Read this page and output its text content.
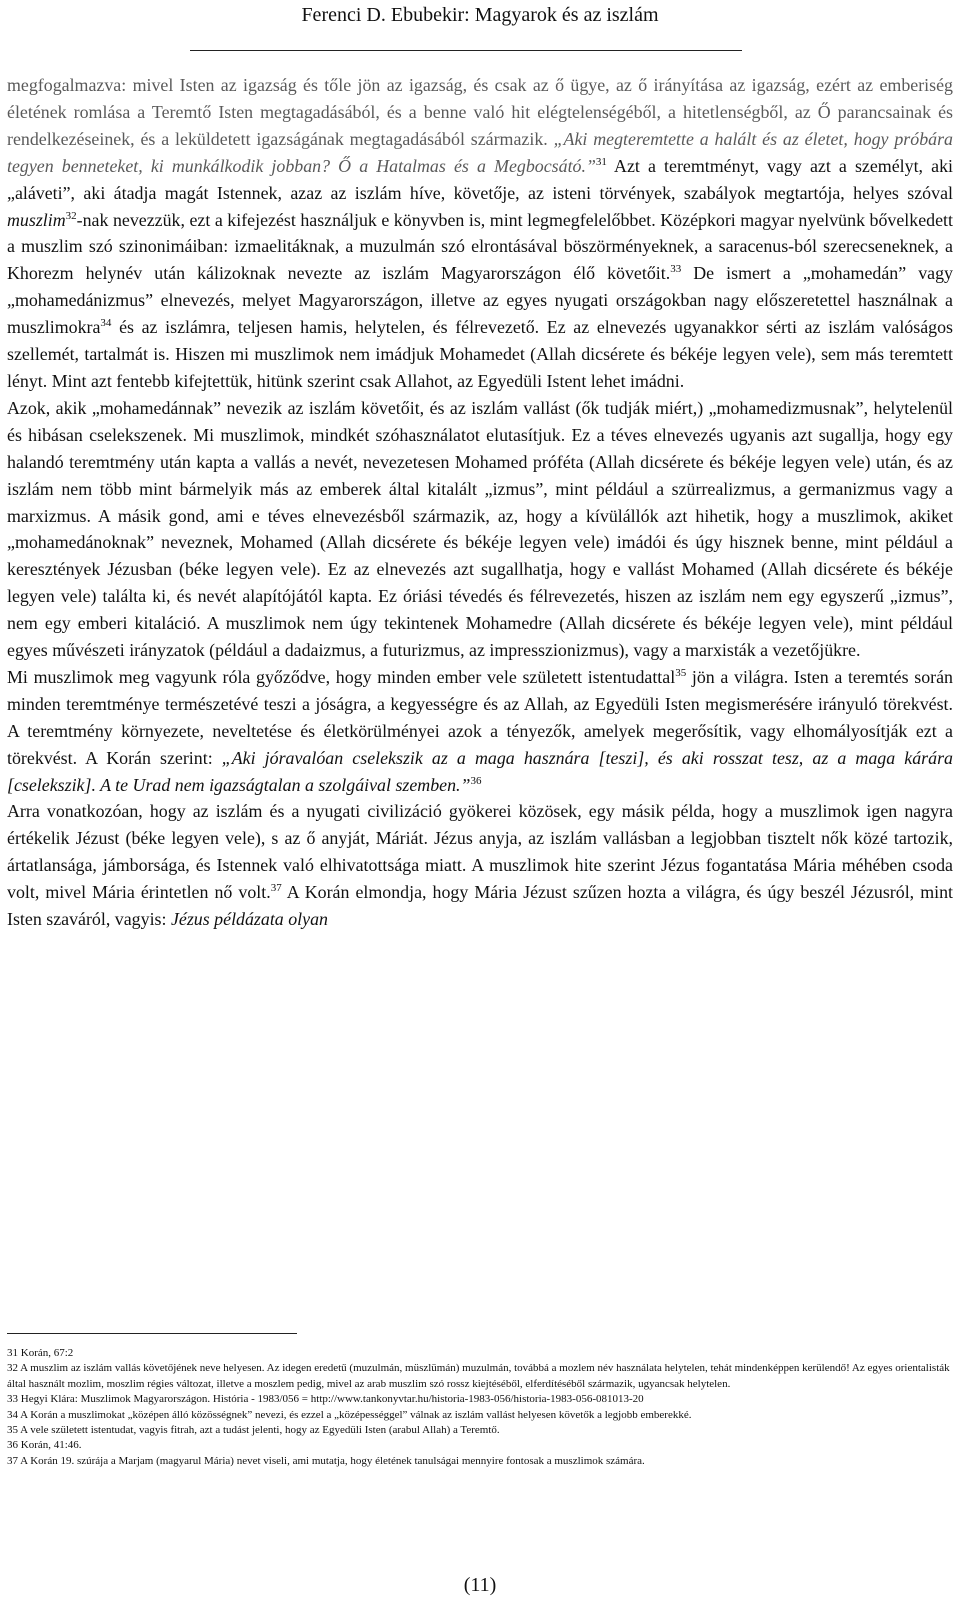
Ferenci D. Ebubekir: Magyarok és az iszlám

megfogalmazva: mivel Isten az igazság és tőle jön az igazság, és csak az ő ügye, az ő irányítása az igazság, ezért az emberiség életének romlása a Teremtő Isten megtagadásából, és a benne való hit elégtelenségéből, a hitetlenségből, az Ő parancsainak és rendelkezéseinek, és a leküldetett igazságának megtagadásából származik. „Aki megteremtette a halált és az életet, hogy próbára tegyen benneteket, ki munkálkodik jobban? Ő a Hatalmas és a Megbocsátó.”$^{31}$ Azt a teremtményt, vagy azt a személyt, aki „aláveti”, aki átadja magát Istennek, azaz az iszlám híve, követője, az isteni törvények, szabályok megtartója, helyes szóval muszlim$^{32}$-nak nevezzük, ezt a kifejezést használjuk e könyvben is, mint legmegfelelőbbet. Középkori magyar nyelvünk bővelkedett a muszlim szó szinonimáiban: izmaelitáknak, a muzulmán szó elrontásával böszörményeknek, a saracenus-ból szerecseneknek, a Khorezm helynév után kálizoknak nevezte az iszlám Magyarországon élő követőit.$^{33}$ De ismert a „mohamedán” vagy „mohamedánizmus” elnevezés, melyet Magyarországon, illetve az egyes nyugati országokban nagy előszeretettel használnak a muszlimokra$^{34}$ és az iszlámra, teljesen hamis, helytelen, és félrevezető. Ez az elnevezés ugyanakkor sérti az iszlám valóságos szellemét, tartalmát is. Hiszen mi muszlimok nem imádjuk Mohamedet (Allah dicsérete és békéje legyen vele), sem más teremtett lényt. Mint azt fentebb kifejtettük, hitünk szerint csak Allahot, az Egyedüli Istent lehet imádni.

Azok, akik „mohamedánnak” nevezik az iszlám követőit, és az iszlám vallást (ők tudják miért,) „mohamedizmusnak”, helytelenül és hibásan cselekszenek. Mi muszlimok, mindkét szóhasználatot elutasítjuk. Ez a téves elnevezés ugyanis azt sugallja, hogy egy halandó teremtmény után kapta a vallás a nevét, nevezetesen Mohamed próféta (Allah dicsérete és békéje legyen vele) után, és az iszlám nem több mint bármelyik más az emberek által kitalált „izmus”, mint például a szürrealizmus, a germanizmus vagy a marxizmus. A másik gond, ami e téves elnevezésből származik, az, hogy a kívülállók azt hihetik, hogy a muszlimok, akiket „mohamedánoknak” neveznek, Mohamed (Allah dicsérete és békéje legyen vele) imádói és úgy hisznek benne, mint például a keresztények Jézusban (béke legyen vele). Ez az elnevezés azt sugallhatja, hogy e vallást Mohamed (Allah dicsérete és békéje legyen vele) találta ki, és nevét alapítójától kapta. Ez óriási tévedés és félrevezetés, hiszen az iszlám nem egy egyszerű „izmus”, nem egy emberi kitaláció. A muszlimok nem úgy tekintenek Mohamedre (Allah dicsérete és békéje legyen vele), mint például egyes művészeti irányzatok (például a dadaizmus, a futurizmus, az impresszionizmus), vagy a marxisták a vezetőjükre.

Mi muszlimok meg vagyunk róla győződve, hogy minden ember vele született istentudattal$^{35}$ jön a világra. Isten a teremtés során minden teremtménye természetévé teszi a jóságra, a kegyességre és az Allah, az Egyedüli Isten megismerésére irányuló törekvést. A teremtmény környezete, neveltetése és életkörülményei azok a tényezők, amelyek megerősítik, vagy elhomályosítják ezt a törekvést. A Korán szerint: „Aki jóravalóan cselekszik az a maga hasznára [teszi], és aki rosszat tesz, az a maga kárára [cselekszik]. A te Urad nem igazságtalan a szolgáival szemben.”$^{36}$

Arra vonatkozóan, hogy az iszlám és a nyugati civilizáció gyökerei közösek, egy másik példa, hogy a muszlimok igen nagyra értékelik Jézust (béke legyen vele), s az ő anyját, Máriát. Jézus anyja, az iszlám vallásban a legjobban tisztelt nők közé tartozik, ártatlansága, jámborsága, és Istennek való elhivatottsága miatt. A muszlimok hite szerint Jézus fogantatása Mária méhében csoda volt, mivel Mária érintetlen nő volt.$^{37}$ A Korán elmondja, hogy Mária Jézust szűzen hozta a világra, és úgy beszél Jézusról, mint Isten szaváról, vagyis: Jézus példázata olyan

31 Korán, 67:2
32 A muszlim az iszlám vallás követőjének neve helyesen. Az idegen eredetű (muzulmán, müszlümán) muzulmán, továbbá a mozlem név használata helytelen, tehát mindenképpen kerülendő! Az egyes orientalisták által használt mozlim, moszlim régies változat, illetve a moszlem pedig, mivel az arab muszlim szó rossz kiejtéséből, elferdítéséből származik, ugyancsak helytelen.
33 Hegyi Klára: Muszlimok Magyarországon. História - 1983/056 = http://www.tankonyvtar.hu/historia-1983-056/historia-1983-056-081013-20
34 A Korán a muszlimokat „középen álló közösségnek” nevezi, és ezzel a „középességgel” válnak az iszlám vallást helyesen követők a legjobb emberekké.
35 A vele született istentudat, vagyis fitrah, azt a tudást jelenti, hogy az Egyedüli Isten (arabul Allah) a Teremtő.
36 Korán, 41:46.
37 A Korán 19. szúrája a Marjam (magyarul Mária) nevet viseli, ami mutatja, hogy életének tanulságai mennyire fontosak a muszlimok számára.
(11)
